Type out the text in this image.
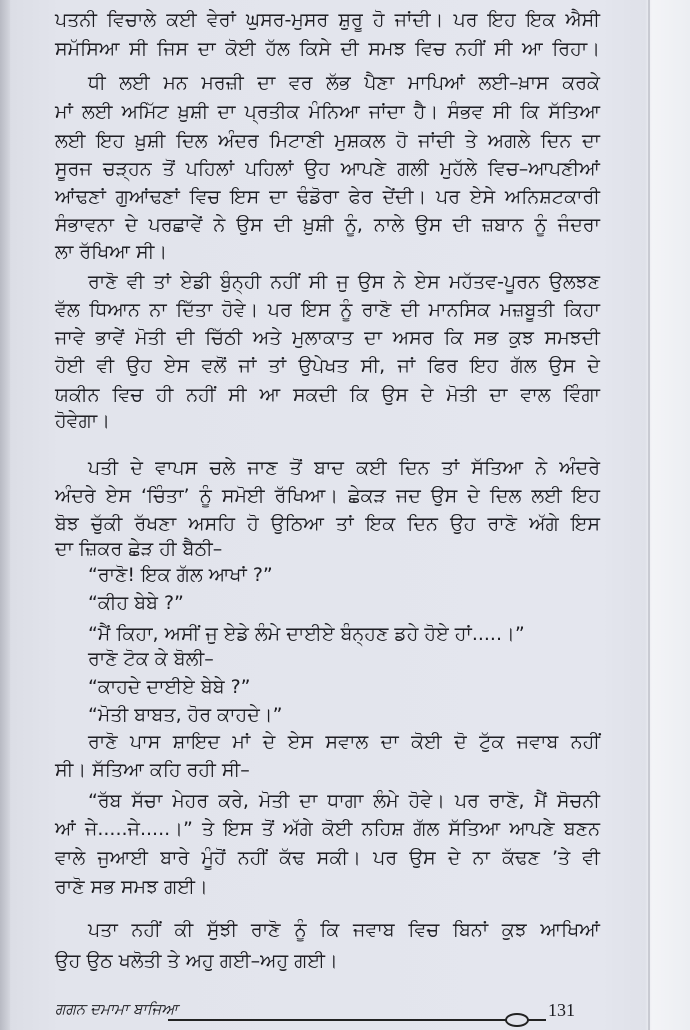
ਪਤਨੀ ਵਿਚਾਲੇ ਕਈ ਵੇਰਾਂ ਘੁਸਰ-ਮੁਸਰ ਸ਼ੁਰੂ ਹੋ ਜਾਂਦੀ। ਪਰ ਇਹ ਇਕ ਐਸੀ
ਸਮੱਸਿਆ ਸੀ ਜਿਸ ਦਾ ਕੋਈ ਹੱਲ ਕਿਸੇ ਦੀ ਸਮਝ ਵਿਚ ਨਹੀਂ ਸੀ ਆ ਰਿਹਾ।
ਧੀ ਲਈ ਮਨ ਮਰਜ਼ੀ ਦਾ ਵਰ ਲੱਭ ਪੈਣਾ ਮਾਪਿਆਂ ਲਈ–ਖ਼ਾਸ ਕਰਕੇ
ਮਾਂ ਲਈ ਅਮਿੱਟ ਖ਼ੁਸ਼ੀ ਦਾ ਪ੍ਰਤੀਕ ਮੰਨਿਆ ਜਾਂਦਾ ਹੈ। ਸੰਭਵ ਸੀ ਕਿ ਸੱਤਿਆ
ਲਈ ਇਹ ਖ਼ੁਸ਼ੀ ਦਿਲ ਅੰਦਰ ਮਿਟਾਣੀ ਮੁਸ਼ਕਲ ਹੋ ਜਾਂਦੀ ਤੇ ਅਗਲੇ ਦਿਨ ਦਾ
ਸੂਰਜ ਚੜ੍ਹਨ ਤੋਂ ਪਹਿਲਾਂ ਪਹਿਲਾਂ ਉਹ ਆਪਣੇ ਗਲੀ ਮੁਹੱਲੇ ਵਿਚ–ਆਪਣੀਆਂ
ਆਂਢਣਾਂ ਗੁਆਂਢਣਾਂ ਵਿਚ ਇਸ ਦਾ ਢੰਡੋਰਾ ਫੇਰ ਦੇਂਦੀ। ਪਰ ਏਸੇ ਅਨਿਸ਼ਟਕਾਰੀ
ਸੰਭਾਵਨਾ ਦੇ ਪਰਛਾਵੇਂ ਨੇ ਉਸ ਦੀ ਖ਼ੁਸ਼ੀ ਨੂੰ, ਨਾਲੇ ਉਸ ਦੀ ਜ਼ਬਾਨ ਨੂੰ ਜੰਦਰਾ
ਲਾ ਰੱਖਿਆ ਸੀ।
ਰਾਣੋ ਵੀ ਤਾਂ ਏਡੀ ਬੁੰਨ੍ਹੀ ਨਹੀਂ ਸੀ ਜੁ ਉਸ ਨੇ ਏਸ ਮਹੱਤਵ-ਪੂਰਨ ਉਲਝਣ
ਵੱਲ ਧਿਆਨ ਨਾ ਦਿੱਤਾ ਹੋਵੇ। ਪਰ ਇਸ ਨੂੰ ਰਾਣੋ ਦੀ ਮਾਨਸਿਕ ਮਜ਼ਬੂਤੀ ਕਿਹਾ
ਜਾਵੇ ਭਾਵੇਂ ਮੋਤੀ ਦੀ ਚਿੱਠੀ ਅਤੇ ਮੁਲਾਕਾਤ ਦਾ ਅਸਰ ਕਿ ਸਭ ਕੁਝ ਸਮਝਦੀ
ਹੋਈ ਵੀ ਉਹ ਏਸ ਵਲੋਂ ਜਾਂ ਤਾਂ ਉਪੇਖਤ ਸੀ, ਜਾਂ ਫਿਰ ਇਹ ਗੱਲ ਉਸ ਦੇ
ਯਕੀਨ ਵਿਚ ਹੀ ਨਹੀਂ ਸੀ ਆ ਸਕਦੀ ਕਿ ਉਸ ਦੇ ਮੋਤੀ ਦਾ ਵਾਲ ਵਿੰਗਾ
ਹੋਵੇਗਾ।
ਪਤੀ ਦੇ ਵਾਪਸ ਚਲੇ ਜਾਣ ਤੋਂ ਬਾਦ ਕਈ ਦਿਨ ਤਾਂ ਸੱਤਿਆ ਨੇ ਅੰਦਰੇ
ਅੰਦਰੇ ਏਸ ‘ਚਿੰਤਾ’ ਨੂੰ ਸਮੋਈ ਰੱਖਿਆ। ਛੇਕੜ ਜਦ ਉਸ ਦੇ ਦਿਲ ਲਈ ਇਹ
ਬੋਝ ਚੁੱਕੀ ਰੱਖਣਾ ਅਸਹਿ ਹੋ ਉਠਿਆ ਤਾਂ ਇਕ ਦਿਨ ਉਹ ਰਾਣੋ ਅੱਗੇ ਇਸ
ਦਾ ਜ਼ਿਕਰ ਛੇੜ ਹੀ ਬੈਠੀ–
“ਰਾਣੋ! ਇਕ ਗੱਲ ਆਖਾਂ ?”
“ਕੀਹ ਬੇਬੇ ?”
“ਮੈਂ ਕਿਹਾ, ਅਸੀਂ ਜੁ ਏਡੇ ਲੰਮੇ ਦਾਈਏ ਬੰਨ੍ਹਣ ਡਹੇ ਹੋਏ ਹਾਂ.....।”
ਰਾਣੋ ਟੋਕ ਕੇ ਬੋਲੀ–
“ਕਾਹਦੇ ਦਾਈਏ ਬੇਬੇ ?”
“ਮੋਤੀ ਬਾਬਤ, ਹੋਰ ਕਾਹਦੇ।”
ਰਾਣੋ ਪਾਸ ਸ਼ਾਇਦ ਮਾਂ ਦੇ ਏਸ ਸਵਾਲ ਦਾ ਕੋਈ ਦੋ ਟੁੱਕ ਜਵਾਬ ਨਹੀਂ
ਸੀ। ਸੱਤਿਆ ਕਹਿ ਰਹੀ ਸੀ–
“ਰੱਬ ਸੱਚਾ ਮੇਹਰ ਕਰੇ, ਮੋਤੀ ਦਾ ਧਾਗਾ ਲੰਮੇ ਹੋਵੇ। ਪਰ ਰਾਣੋ, ਮੈਂ ਸੋਚਨੀ
ਆਂ ਜੇ.....ਜੇ.....।” ਤੇ ਇਸ ਤੋਂ ਅੱਗੇ ਕੋਈ ਨਹਿਸ਼ ਗੱਲ ਸੱਤਿਆ ਆਪਣੇ ਬਣਨ
ਵਾਲੇ ਜੁਆਈ ਬਾਰੇ ਮੂੰਹੋਂ ਨਹੀਂ ਕੱਢ ਸਕੀ। ਪਰ ਉਸ ਦੇ ਨਾ ਕੱਢਣ ’ਤੇ ਵੀ
ਰਾਣੋ ਸਭ ਸਮਝ ਗਈ।
ਪਤਾ ਨਹੀਂ ਕੀ ਸੁੱਝੀ ਰਾਣੋ ਨੂੰ ਕਿ ਜਵਾਬ ਵਿਚ ਬਿਨਾਂ ਕੁਝ ਆਖਿਆਂ
ਉਹ ਉਠ ਖਲੋਤੀ ਤੇ ਅਹੁ ਗਈ–ਅਹੁ ਗਈ।
ਗਗਨ ਦਮਾਮਾ ਬਾਜਿਆ	131
